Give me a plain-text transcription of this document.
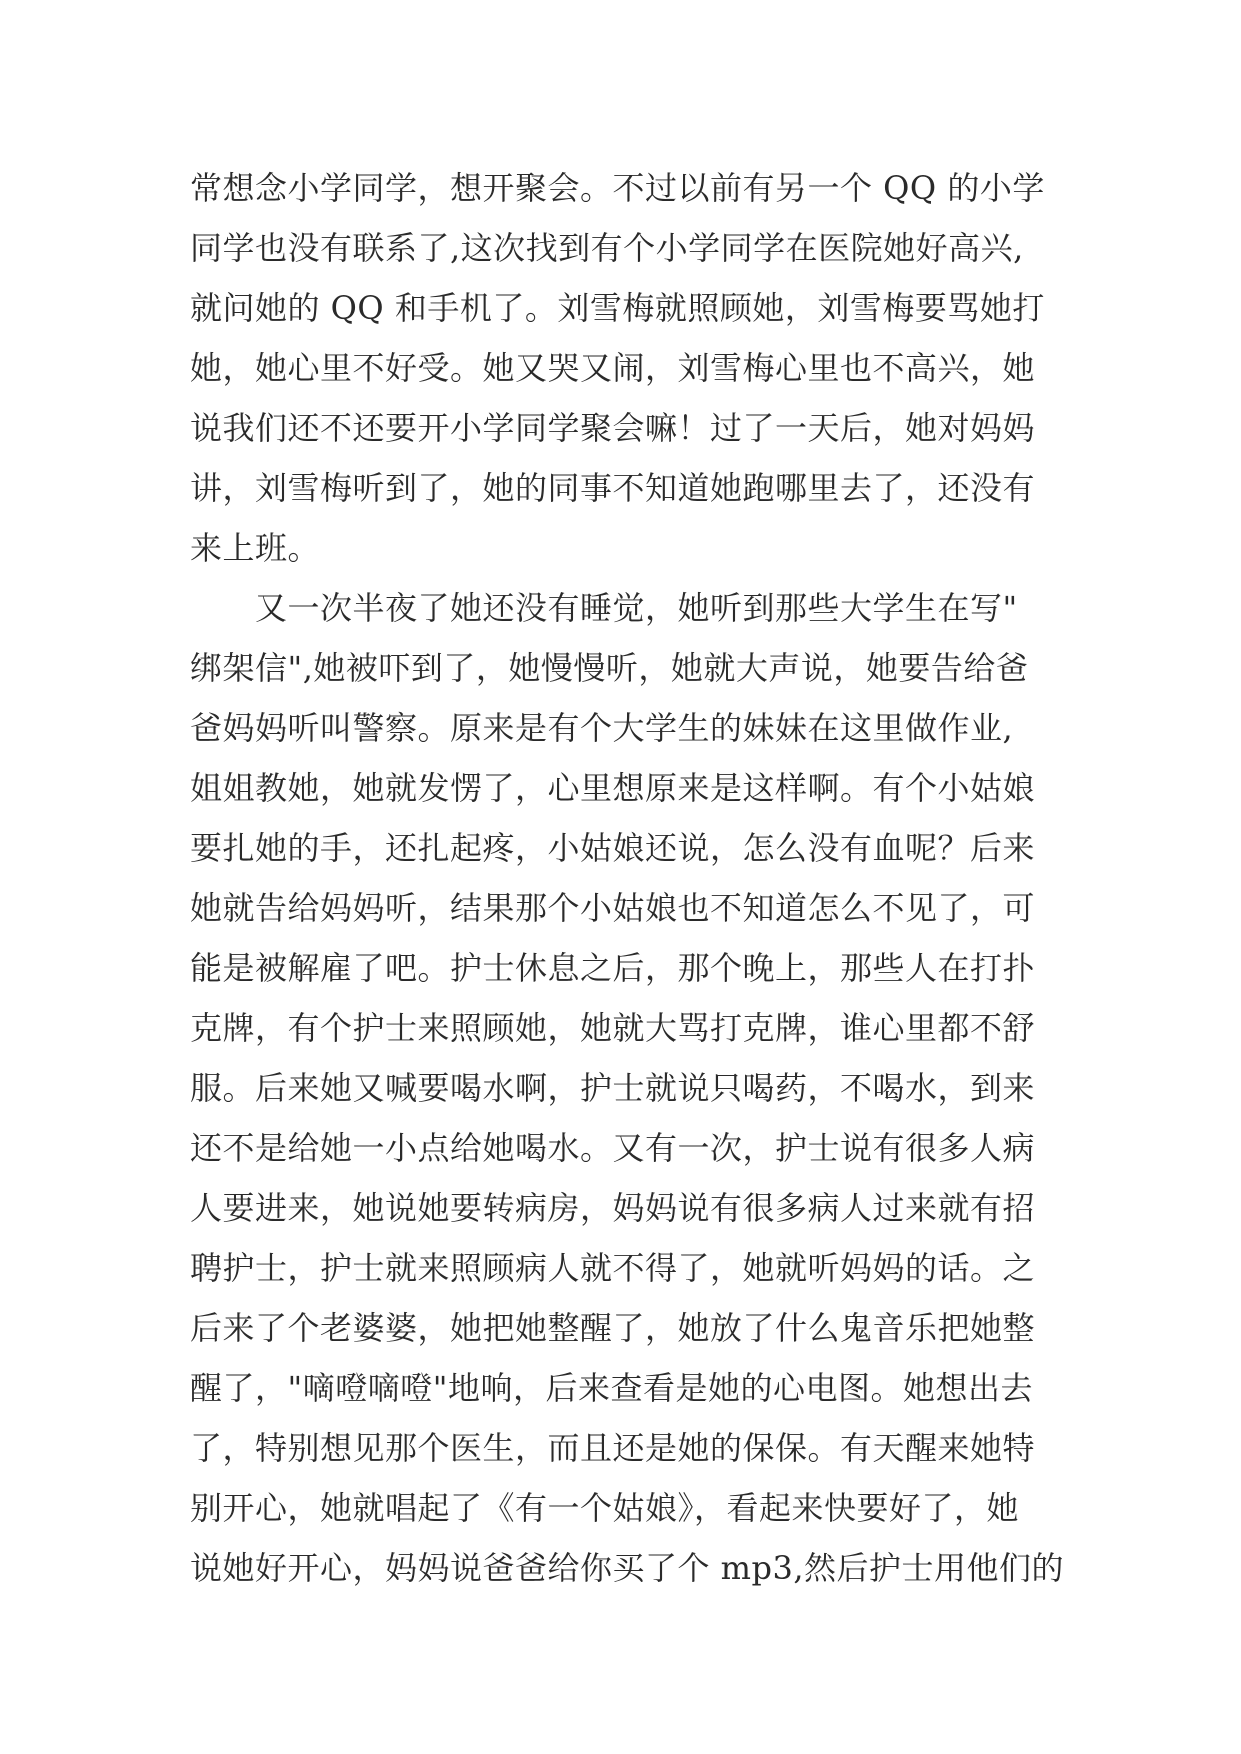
常想念小学同学，想开聚会。不过以前有另一个 QQ 的小学
同学也没有联系了,这次找到有个小学同学在医院她好高兴,
就问她的 QQ 和手机了。刘雪梅就照顾她，刘雪梅要骂她打
她，她心里不好受。她又哭又闹，刘雪梅心里也不高兴，她
说我们还不还要开小学同学聚会嘛！过了一天后，她对妈妈
讲，刘雪梅听到了，她的同事不知道她跑哪里去了，还没有
来上班。
　　又一次半夜了她还没有睡觉，她听到那些大学生在写"
绑架信",她被吓到了，她慢慢听，她就大声说，她要告给爸
爸妈妈听叫警察。原来是有个大学生的妹妹在这里做作业,
姐姐教她，她就发愣了，心里想原来是这样啊。有个小姑娘
要扎她的手，还扎起疼，小姑娘还说，怎么没有血呢？后来
她就告给妈妈听，结果那个小姑娘也不知道怎么不见了，可
能是被解雇了吧。护士休息之后，那个晚上，那些人在打扑
克牌，有个护士来照顾她，她就大骂打克牌，谁心里都不舒
服。后来她又喊要喝水啊，护士就说只喝药，不喝水，到来
还不是给她一小点给她喝水。又有一次，护士说有很多人病
人要进来，她说她要转病房，妈妈说有很多病人过来就有招
聘护士，护士就来照顾病人就不得了，她就听妈妈的话。之
后来了个老婆婆，她把她整醒了，她放了什么鬼音乐把她整
醒了，"嘀噔嘀噔"地响，后来查看是她的心电图。她想出去
了，特别想见那个医生，而且还是她的保保。有天醒来她特
别开心，她就唱起了《有一个姑娘》，看起来快要好了，她
说她好开心，妈妈说爸爸给你买了个 mp3,然后护士用他们的
